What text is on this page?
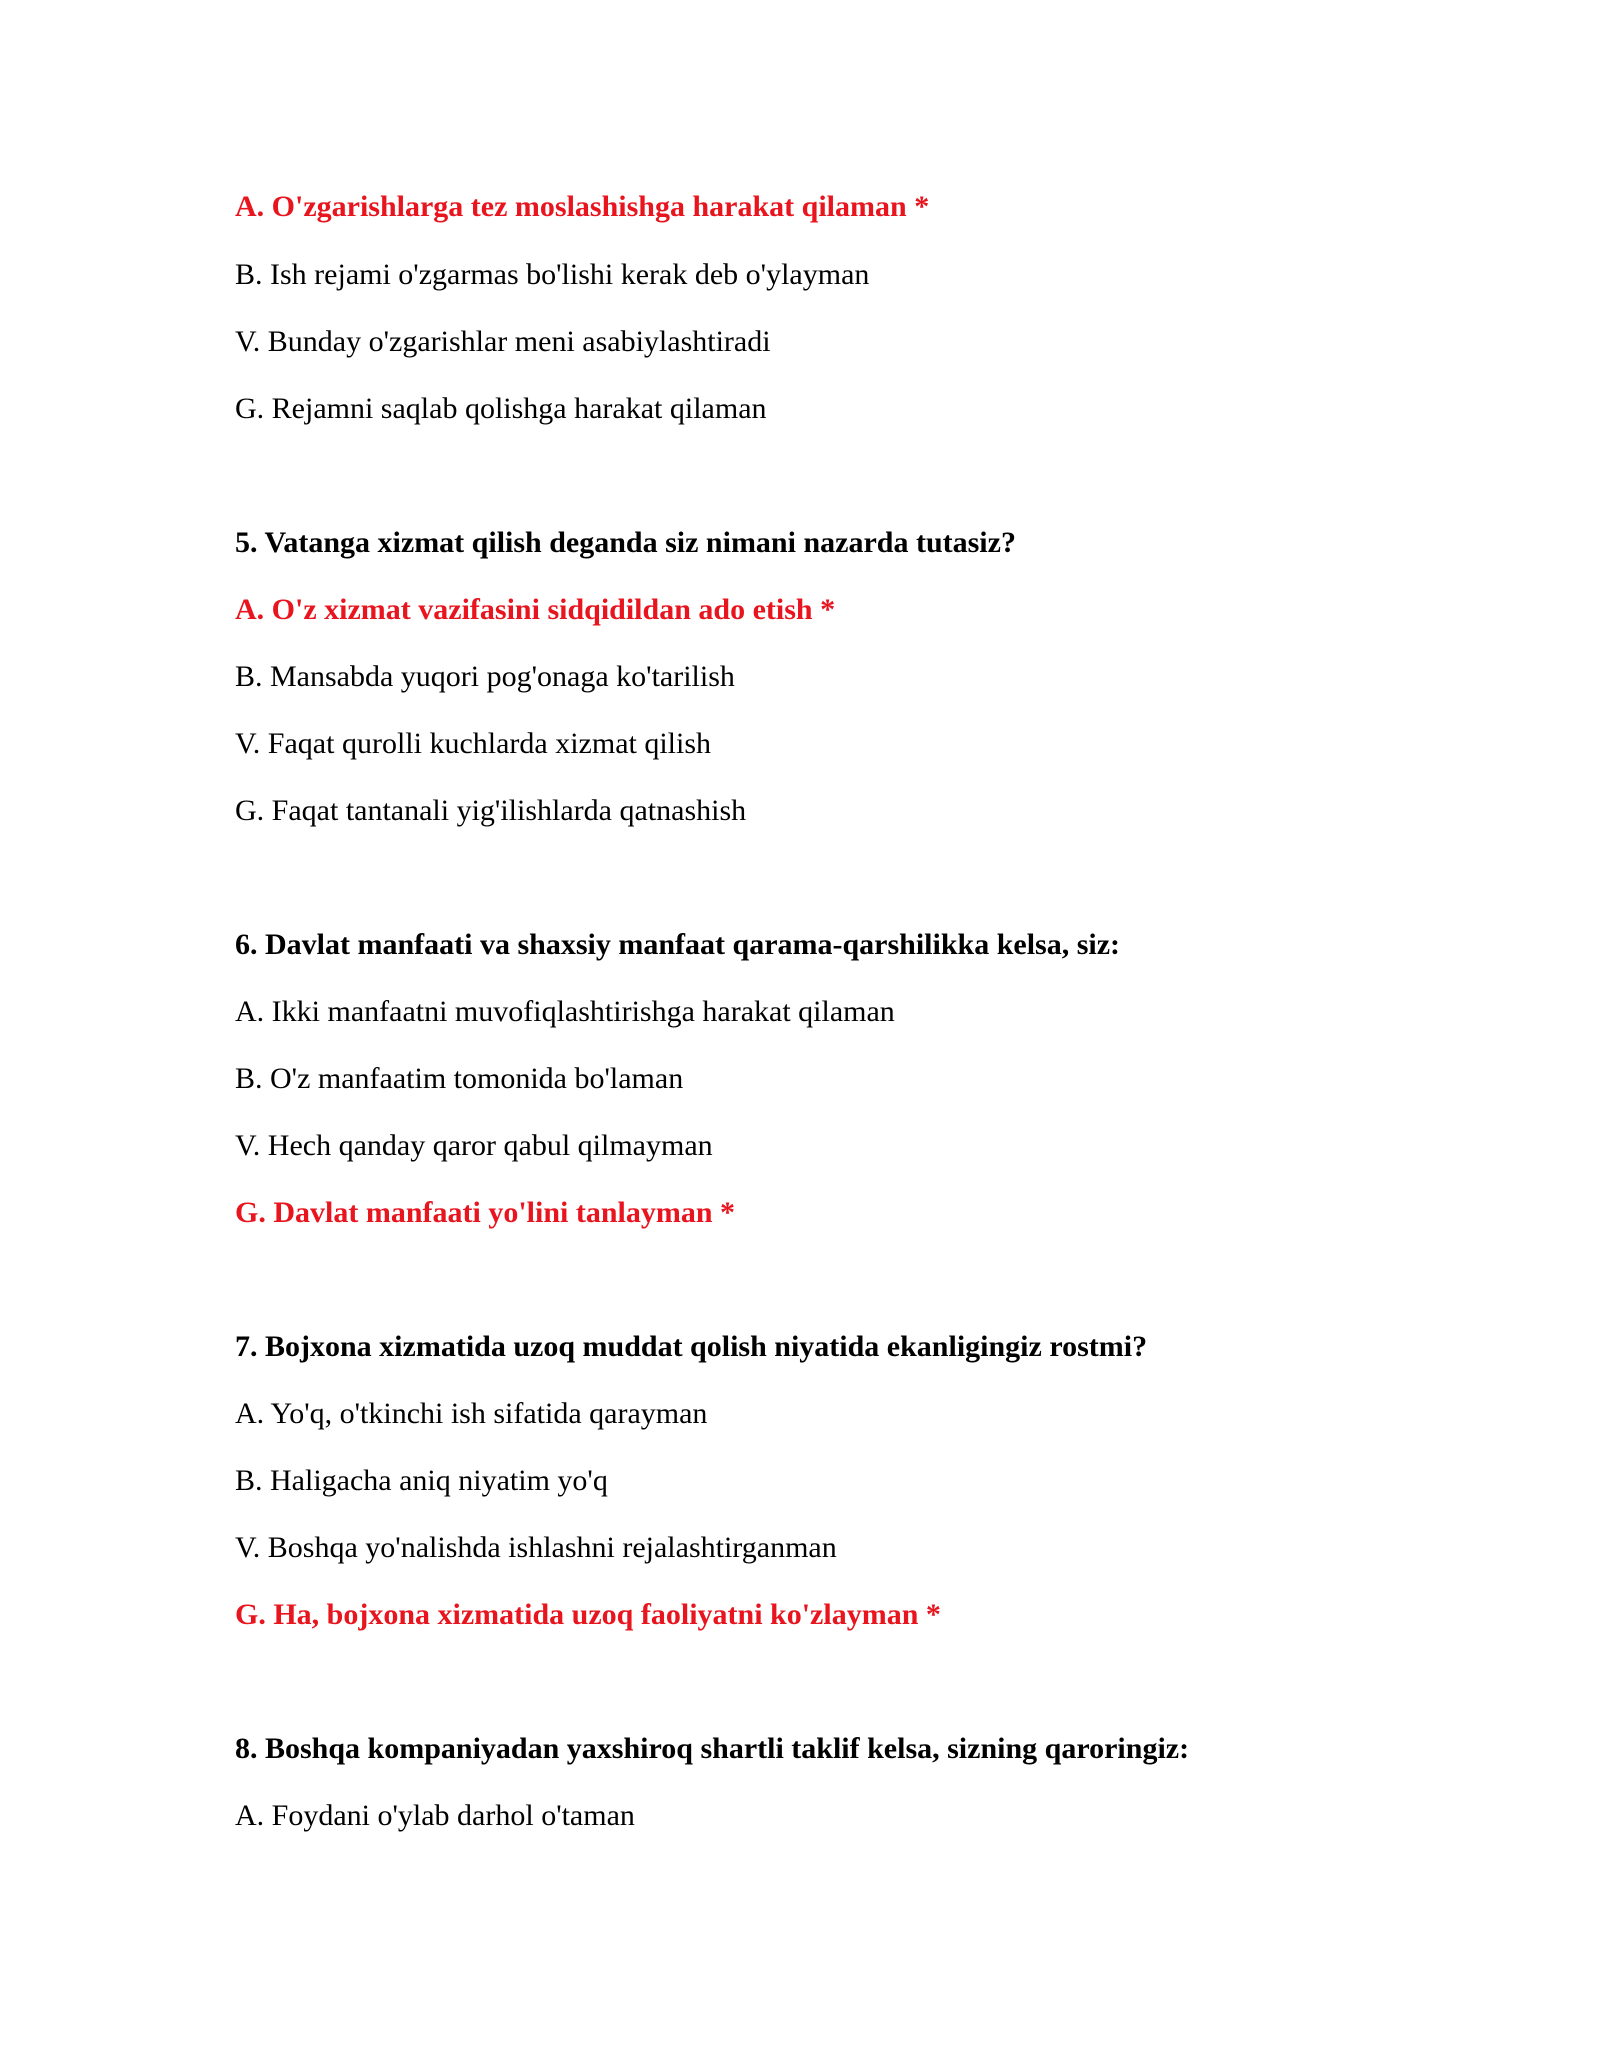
A. O'zgarishlarga tez moslashishga harakat qilaman *

B. Ish rejami o'zgarmas bo'lishi kerak deb o'ylayman

V. Bunday o'zgarishlar meni asabiylashtiradi

G. Rejamni saqlab qolishga harakat qilaman

5. Vatanga xizmat qilish deganda siz nimani nazarda tutasiz?

A. O'z xizmat vazifasini sidqidildan ado etish *

B. Mansabda yuqori pog'onaga ko'tarilish

V. Faqat qurolli kuchlarda xizmat qilish

G. Faqat tantanali yig'ilishlarda qatnashish

6. Davlat manfaati va shaxsiy manfaat qarama-qarshilikka kelsa, siz:

A. Ikki manfaatni muvofiqlashtirishga harakat qilaman

B. O'z manfaatim tomonida bo'laman

V. Hech qanday qaror qabul qilmayman

G. Davlat manfaati yo'lini tanlayman *

7. Bojxona xizmatida uzoq muddat qolish niyatida ekanligingiz rostmi?

A. Yo'q, o'tkinchi ish sifatida qarayman

B. Haligacha aniq niyatim yo'q

V. Boshqa yo'nalishda ishlashni rejalashtirganman

G. Ha, bojxona xizmatida uzoq faoliyatni ko'zlayman *

8. Boshqa kompaniyadan yaxshiroq shartli taklif kelsa, sizning qaroringiz:

A. Foydani o'ylab darhol o'taman
